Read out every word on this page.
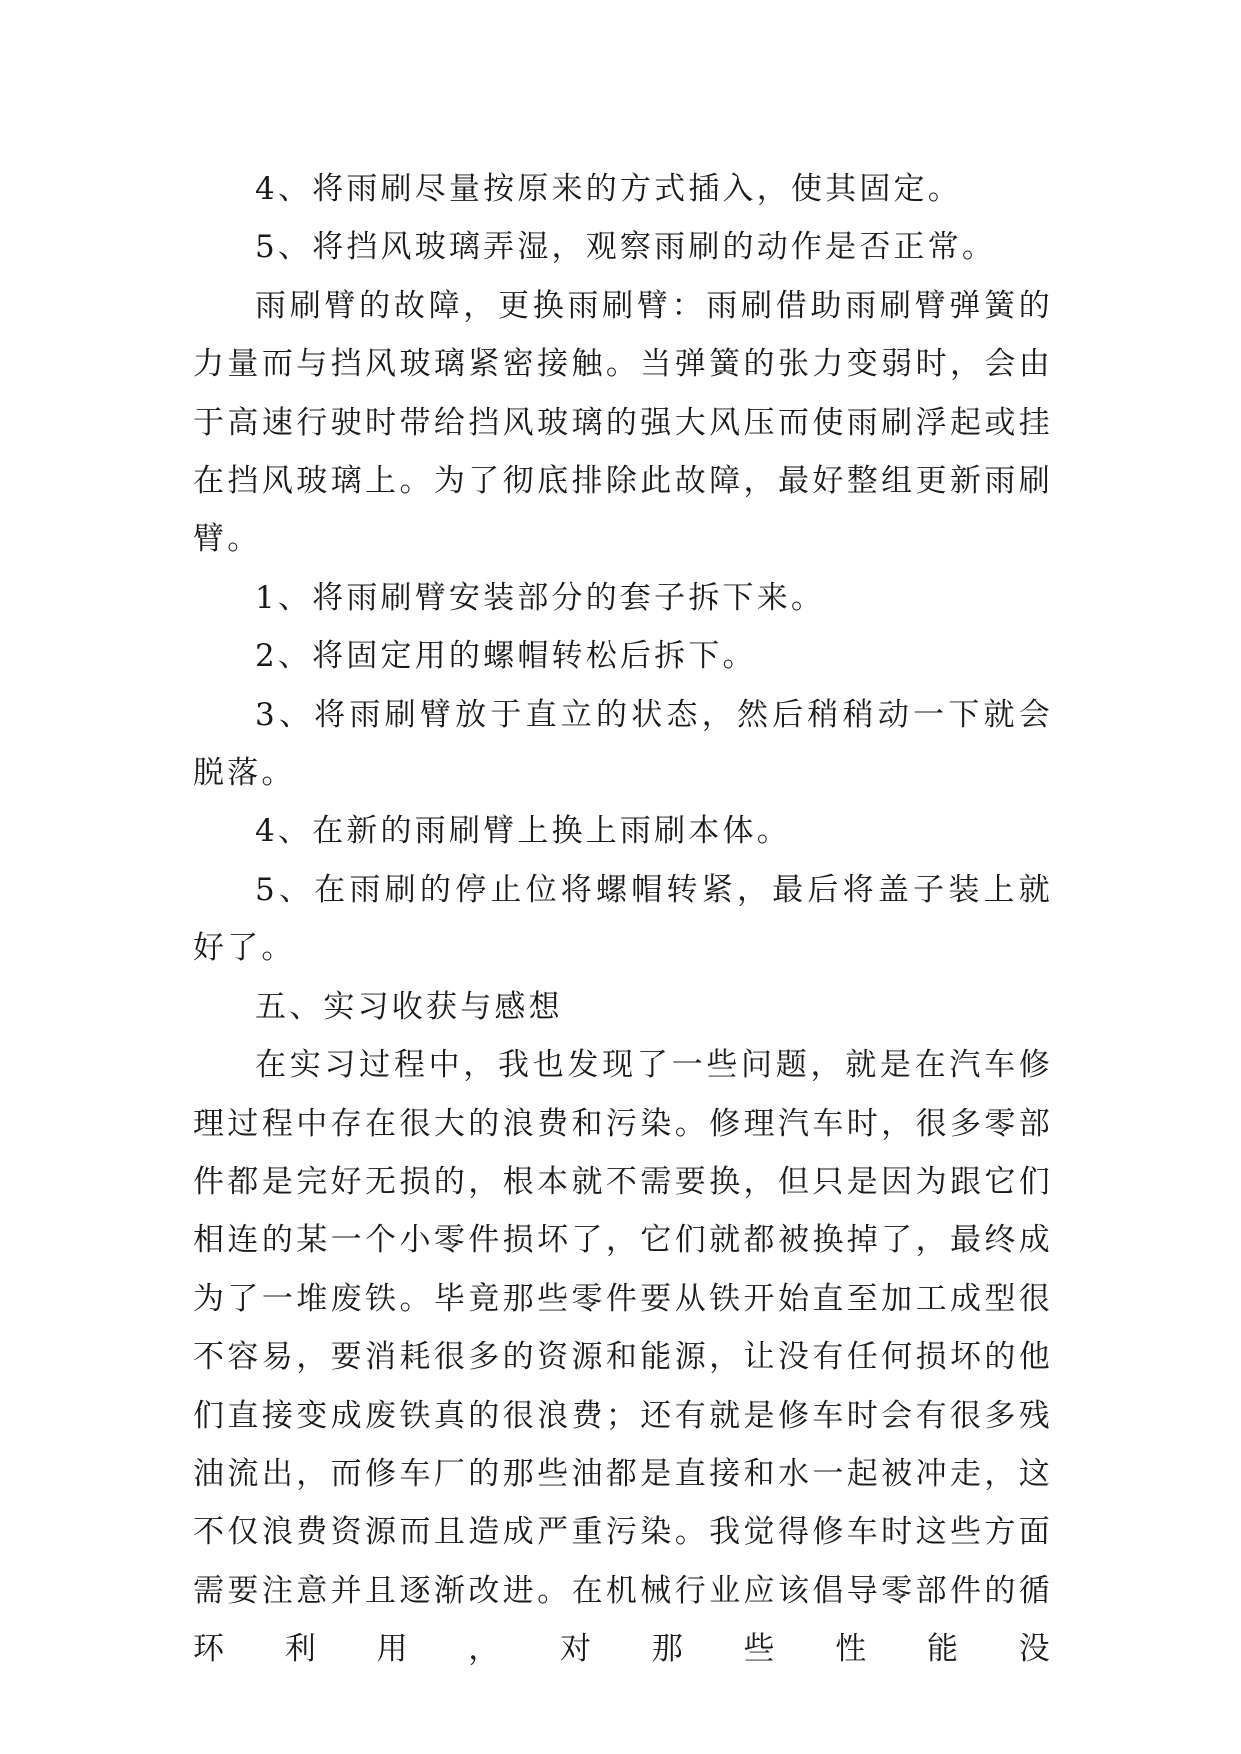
4、将雨刷尽量按原来的方式插入，使其固定。

5、将挡风玻璃弄湿，观察雨刷的动作是否正常。

雨刷臂的故障，更换雨刷臂：雨刷借助雨刷臂弹簧的力量而与挡风玻璃紧密接触。当弹簧的张力变弱时，会由于高速行驶时带给挡风玻璃的强大风压而使雨刷浮起或挂在挡风玻璃上。为了彻底排除此故障，最好整组更新雨刷臂。

1、将雨刷臂安装部分的套子拆下来。

2、将固定用的螺帽转松后拆下。

3、将雨刷臂放于直立的状态，然后稍稍动一下就会脱落。

4、在新的雨刷臂上换上雨刷本体。

5、在雨刷的停止位将螺帽转紧，最后将盖子装上就好了。

五、实习收获与感想

在实习过程中，我也发现了一些问题，就是在汽车修理过程中存在很大的浪费和污染。修理汽车时，很多零部件都是完好无损的，根本就不需要换，但只是因为跟它们相连的某一个小零件损坏了，它们就都被换掉了，最终成为了一堆废铁。毕竟那些零件要从铁开始直至加工成型很不容易，要消耗很多的资源和能源，让没有任何损坏的他们直接变成废铁真的很浪费；还有就是修车时会有很多残油流出，而修车厂的那些油都是直接和水一起被冲走，这不仅浪费资源而且造成严重污染。我觉得修车时这些方面需要注意并且逐渐改进。在机械行业应该倡导零部件的循环利用，对那些性能没
